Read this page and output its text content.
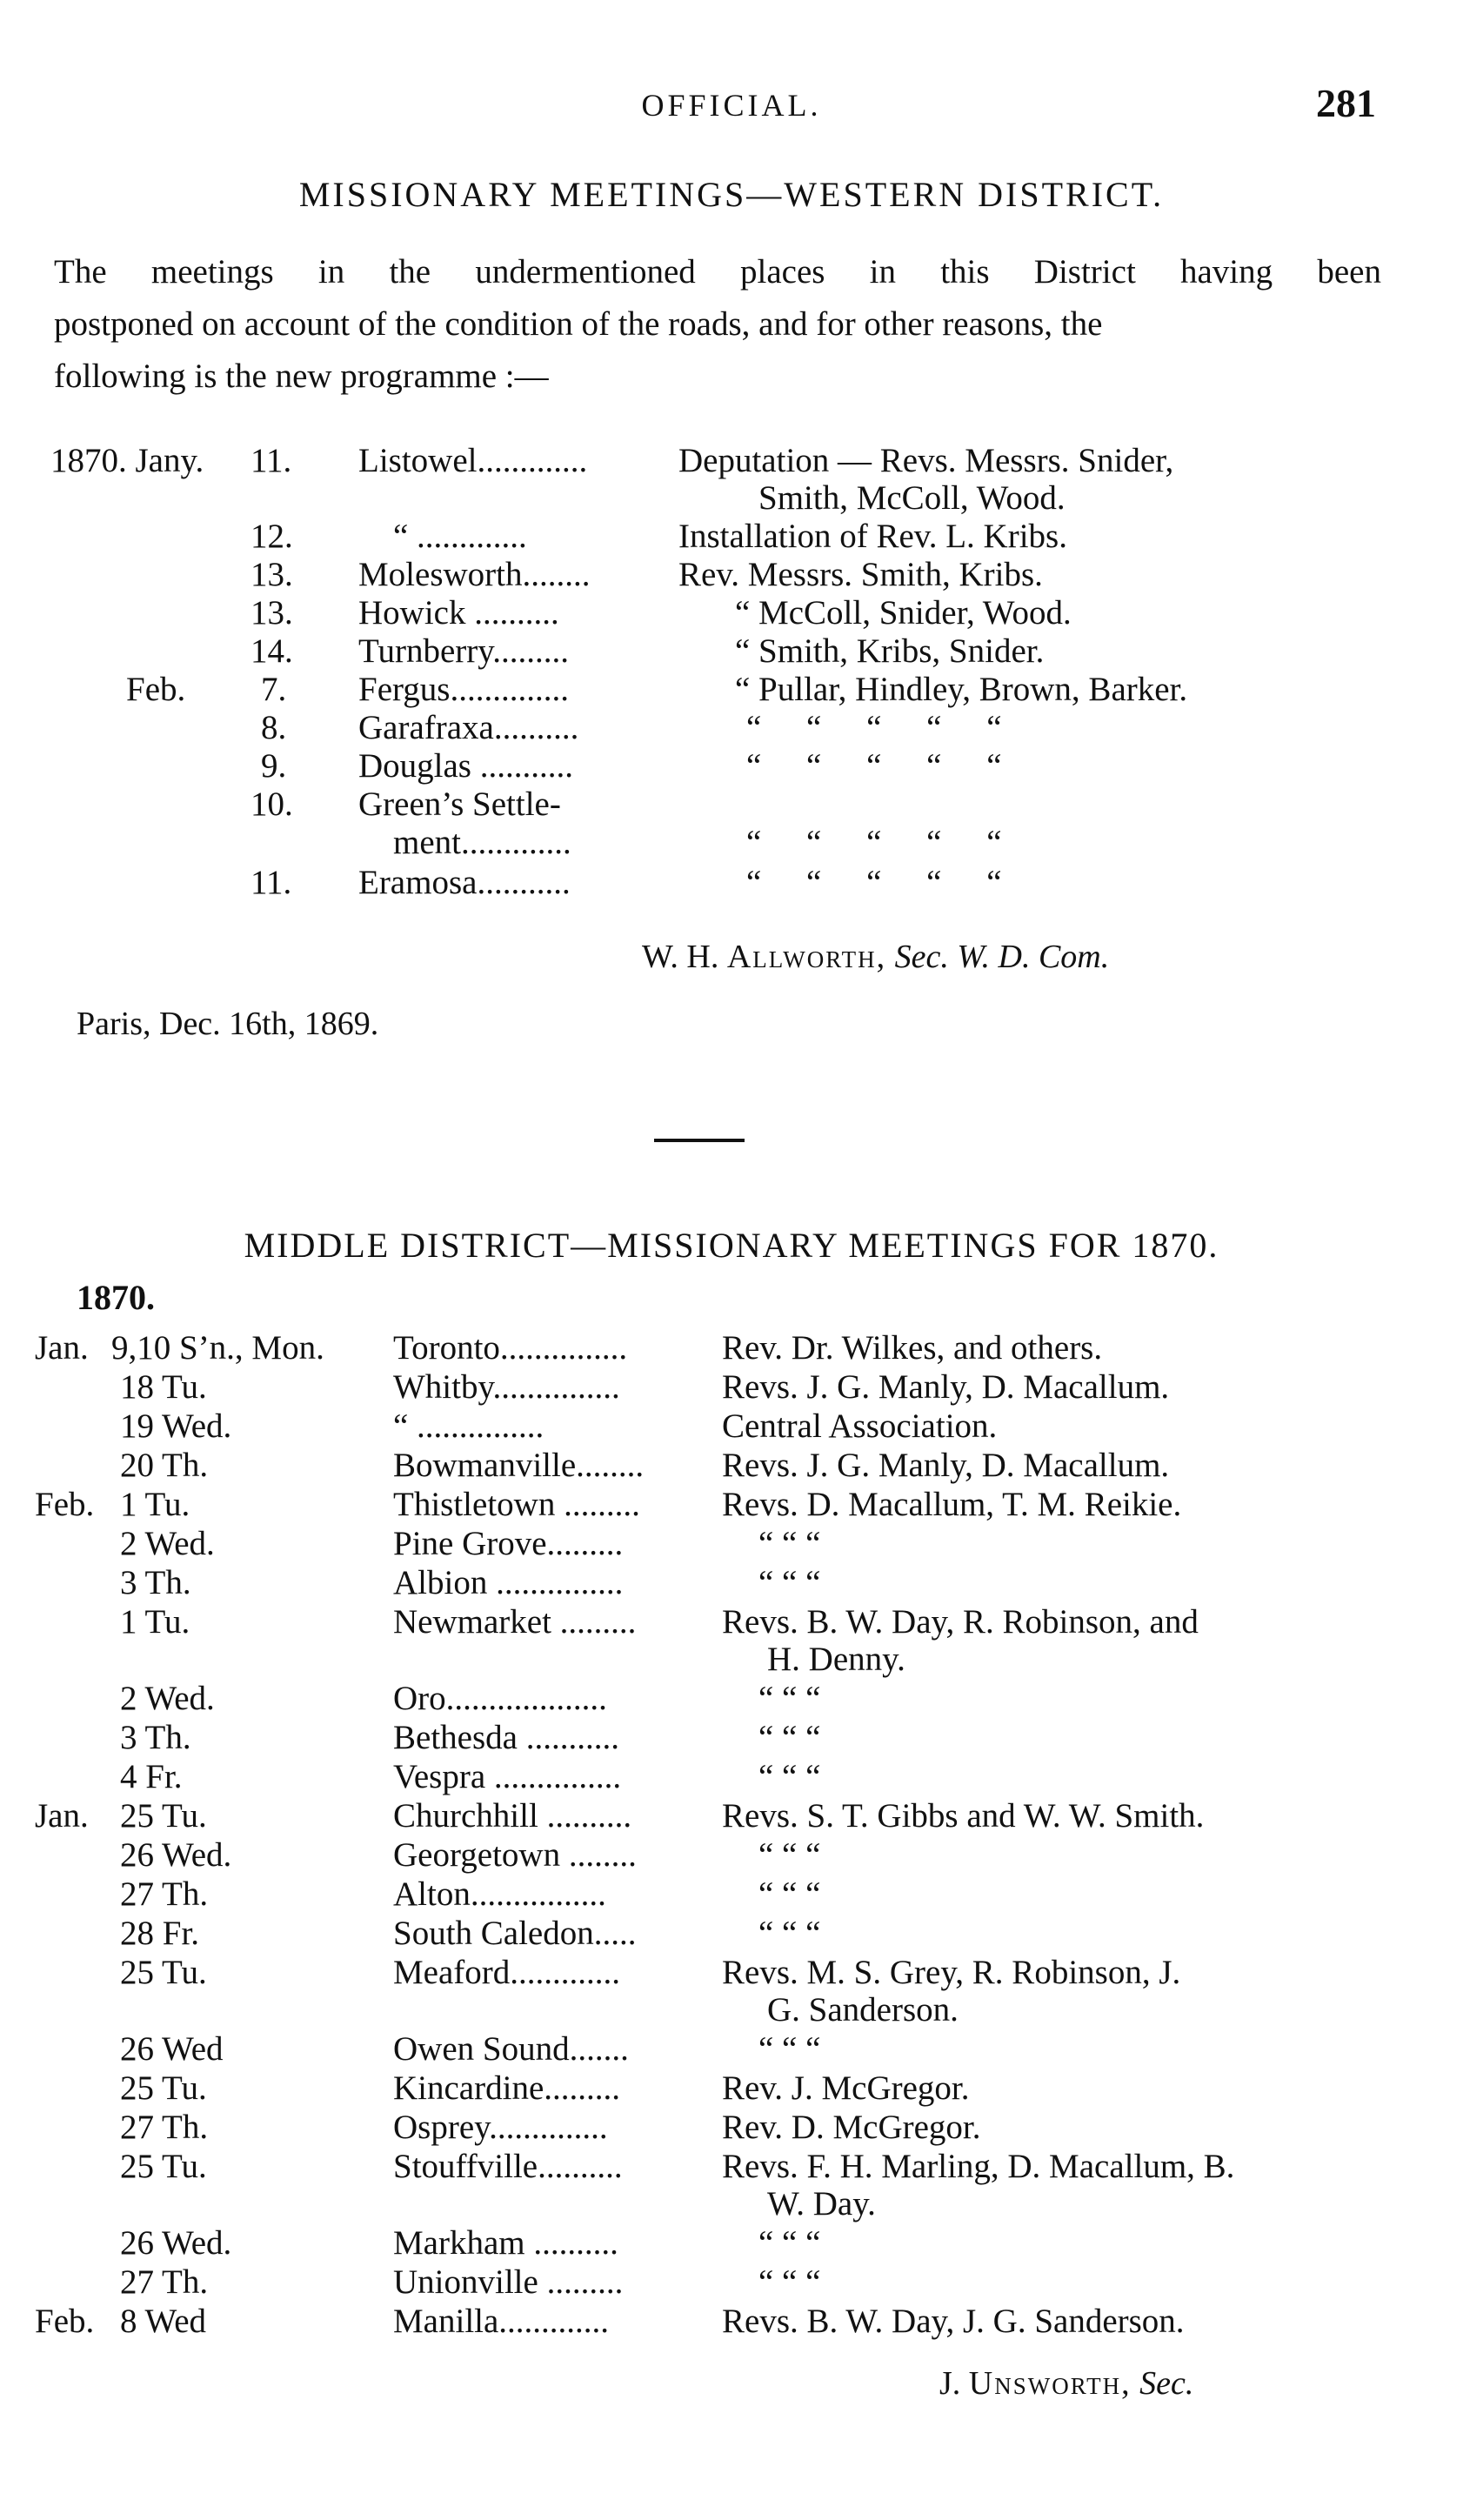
OFFICIAL.	281
MISSIONARY MEETINGS—WESTERN DISTRICT.
The meetings in the undermentioned places in this District having been
postponed on account of the condition of the roads, and for other reasons, the
following is the new programme :—
1870. Jany. 11. Listowel.............	Deputation — Revs. Messrs. Snider,
Smith, McColl, Wood.
12.	“ .............	Installation of Rev. L. Kribs.
13. Molesworth........	Rev. Messrs. Smith, Kribs.
13. Howick ..........	“ McColl, Snider, Wood.
14. Turnberry.........	“ Smith, Kribs, Snider.
Feb. 7. Fergus..............	“ Pullar, Hindley, Brown, Barker.
8. Garafraxa..........	“ “ “ “ “
9. Douglas ...........	“ “ “ “ “
10. Green’s Settle-
ment.............	“ “ “ “ “
11. Eramosa...........	“ “ “ “ “
W. H. Allworth, Sec. W. D. Com.
Paris, Dec. 16th, 1869.
MIDDLE DISTRICT—MISSIONARY MEETINGS FOR 1870.
1870.
Jan. 9,10 S’n., Mon. Toronto...............	Rev. Dr. Wilkes, and others.
18 Tu.	Whitby...............	Revs. J. G. Manly, D. Macallum.
19 Wed.	“ ...............	Central Association.
20 Th.	Bowmanville........ Revs. J. G. Manly, D. Macallum.
Feb. 1 Tu.	Thistletown ......... Revs. D. Macallum, T. M. Reikie.
2 Wed.	Pine Grove.........	“ “ “
3 Th.	Albion ...............	“ “ “
1 Tu.	Newmarket .........	Revs. B. W. Day, R. Robinson, and
H. Denny.
2 Wed.	Oro...................	“ “ “
3 Th.	Bethesda ...........	“ “ “
4 Fr.	Vespra ...............	“ “ “
Jan. 25 Tu.	Churchhill ..........	Revs. S. T. Gibbs and W. W. Smith.
26 Wed.	Georgetown ........	“ “ “
27 Th.	Alton................	“ “ “
28 Fr.	South Caledon.....	“ “ “
25 Tu.	Meaford.............	Revs. M. S. Grey, R. Robinson, J.
G. Sanderson.
26 Wed	Owen Sound.......	“ “ “
25 Tu.	Kincardine.........	Rev. J. McGregor.
27 Th.	Osprey..............	Rev. D. McGregor.
25 Tu.	Stouffville..........	Revs. F. H. Marling, D. Macallum, B.
W. Day.
26 Wed.	Markham ..........	“ “ “
27 Th.	Unionville .........	“ “ “
Feb. 8 Wed	Manilla.............	Revs. B. W. Day, J. G. Sanderson.
J. Unsworth, Sec.
